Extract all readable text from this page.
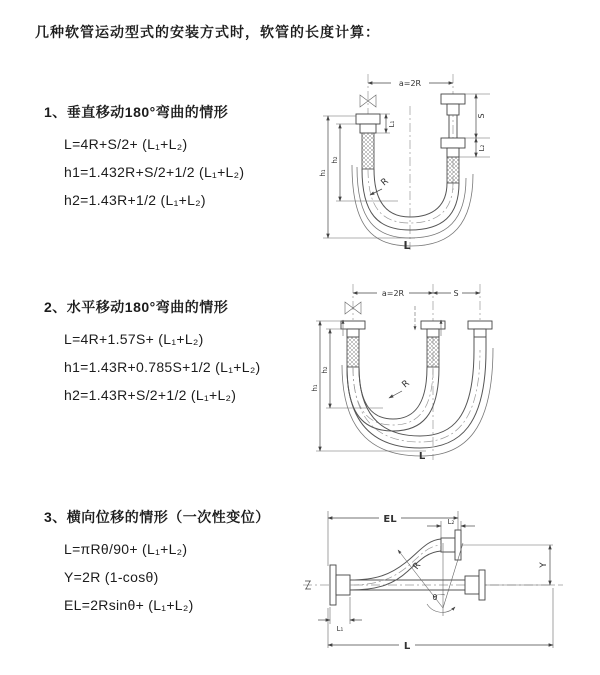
几种软管运动型式的安装方式时，软管的长度计算：
1、垂直移动180°弯曲的情形
L=4R+S/2+ (L₁+L₂)
h1=1.432R+S/2+1/2 (L₁+L₂)
h2=1.43R+1/2 (L₁+L₂)
2、水平移动180°弯曲的情形
L=4R+1.57S+ (L₁+L₂)
h1=1.43R+0.785S+1/2 (L₁+L₂)
h2=1.43R+S/2+1/2 (L₁+L₂)
3、横向位移的情形（一次性变位）
L=πRθ/90+ (L₁+L₂)
Y=2R (1-cosθ)
EL=2Rsinθ+ (L₁+L₂)
a=2R
R
h₁
h₂
L₁
S
L₂
L
a=2R	S
R
h₁
h₂
L
EL	L₂
Y
L
L₁
R
θ
